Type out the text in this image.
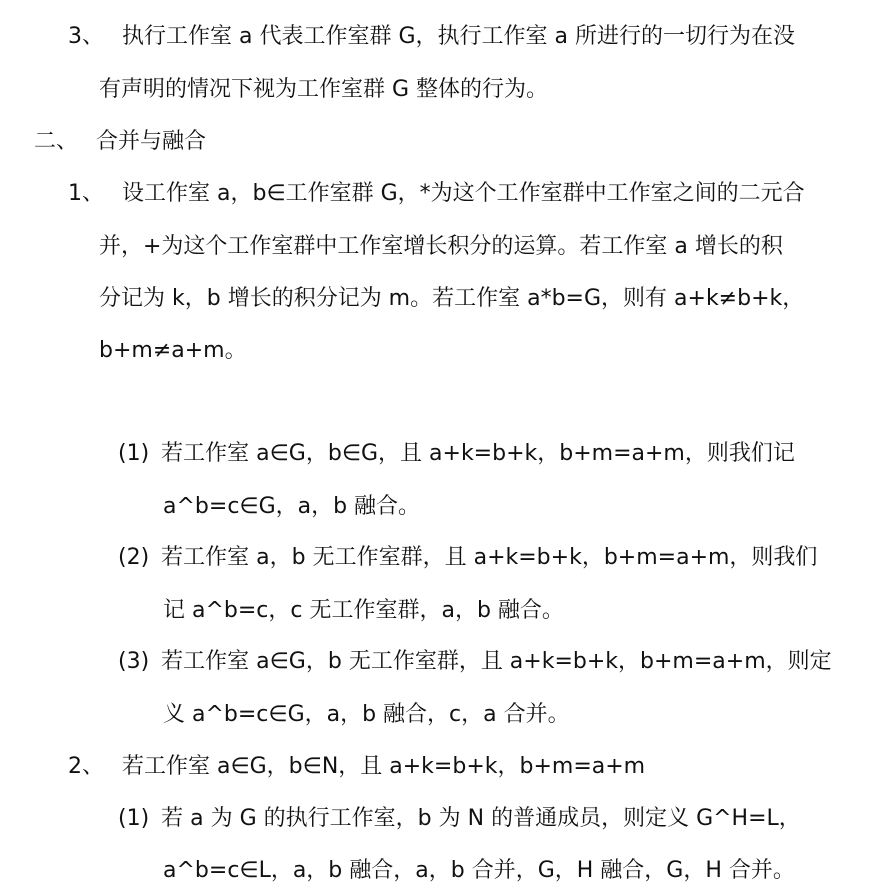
3、 执行工作室 a 代表工作室群 G，执行工作室 a 所进行的一切行为在没
有声明的情况下视为工作室群 G 整体的行为。
二、 合并与融合
1、 设工作室 a，b∈工作室群 G，*为这个工作室群中工作室之间的二元合
并，+为这个工作室群中工作室增长积分的运算。若工作室 a 增长的积
分记为 k，b 增长的积分记为 m。若工作室 a*b=G，则有 a+k≠b+k，
b+m≠a+m。
(1) 若工作室 a∈G，b∈G，且 a+k=b+k，b+m=a+m，则我们记
a^b=c∈G，a，b 融合。
(2) 若工作室 a，b 无工作室群，且 a+k=b+k，b+m=a+m，则我们
记 a^b=c，c 无工作室群，a，b 融合。
(3) 若工作室 a∈G，b 无工作室群，且 a+k=b+k，b+m=a+m，则定
义 a^b=c∈G，a，b 融合，c，a 合并。
2、 若工作室 a∈G，b∈N，且 a+k=b+k，b+m=a+m
(1) 若 a 为 G 的执行工作室，b 为 N 的普通成员，则定义 G^H=L，
a^b=c∈L，a，b 融合，a，b 合并，G，H 融合，G，H 合并。
